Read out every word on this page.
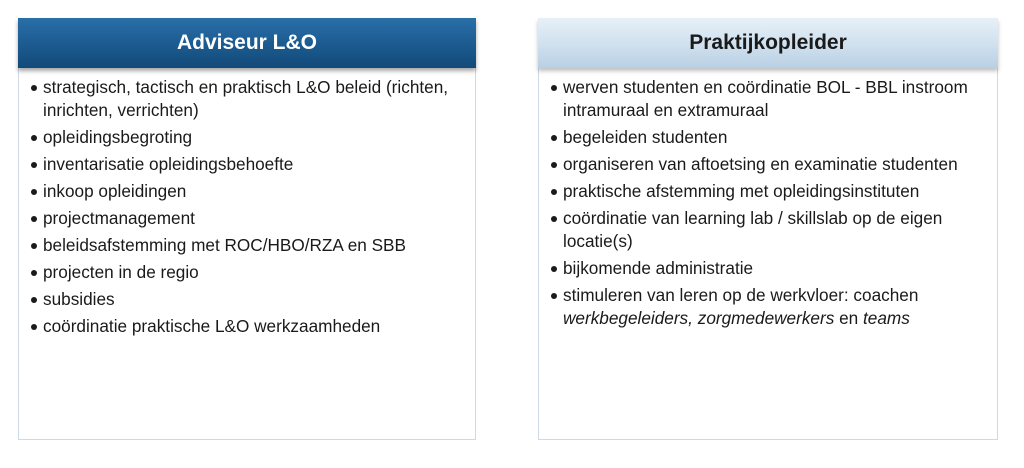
Adviseur L&O
strategisch, tactisch en praktisch L&O beleid (richten, inrichten, verrichten)
opleidingsbegroting
inventarisatie opleidingsbehoefte
inkoop opleidingen
projectmanagement
beleidsafstemming met ROC/HBO/RZA en SBB
projecten in de regio
subsidies
coördinatie praktische L&O werkzaamheden
Praktijkopleider
werven studenten en coördinatie BOL - BBL instroom intramuraal en extramuraal
begeleiden studenten
organiseren van aftoetsing en examinatie studenten
praktische afstemming met opleidingsinstituten
coördinatie van learning lab / skillslab op de eigen locatie(s)
bijkomende administratie
stimuleren van leren op de werkvloer: coachen werkbegeleiders, zorgmedewerkers en teams
